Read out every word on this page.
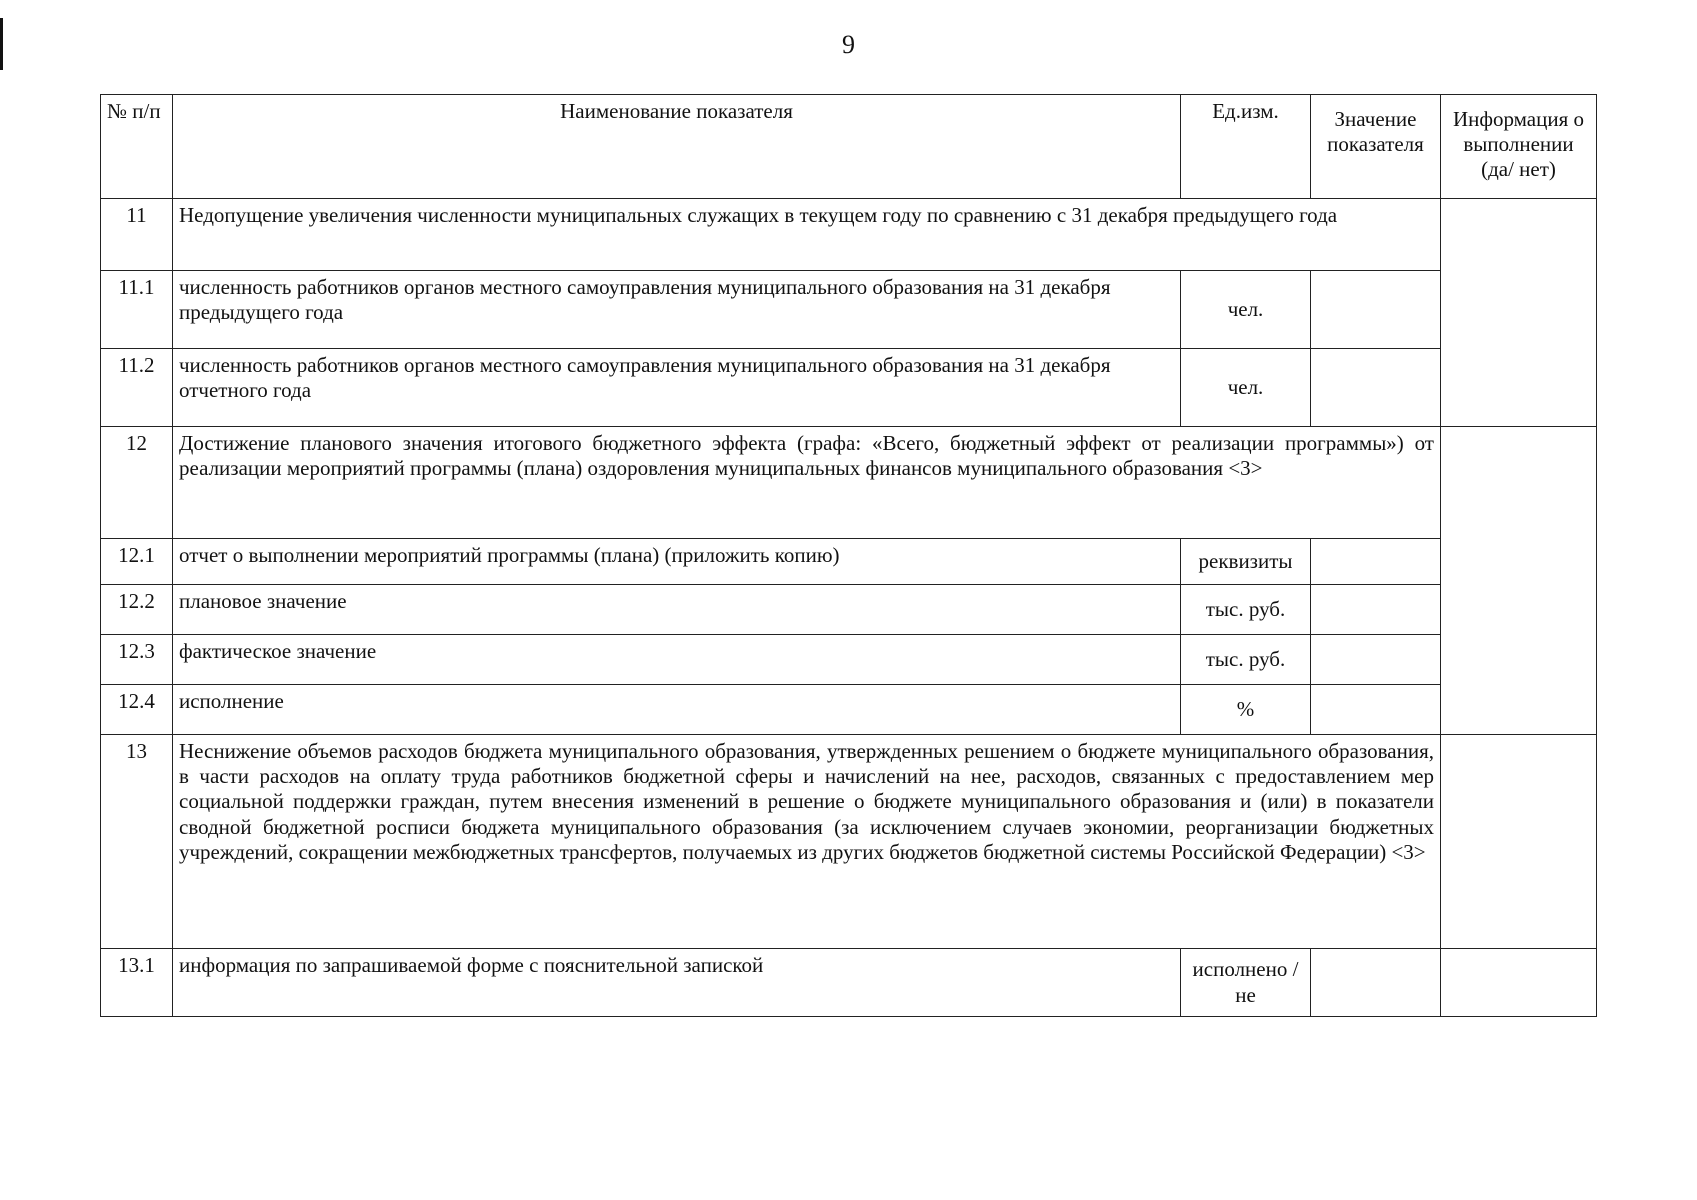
9
№ п/п	Наименование показателя	Ед.изм.	Значение показателя	Информация о выполнении (да/ нет)
11	Недопущение увеличения численности муниципальных служащих в текущем году по сравнению с 31 декабря предыдущего года			
11.1	численность работников органов местного самоуправления муниципального образования на 31 декабря предыдущего года	чел.		
11.2	численность работников органов местного самоуправления муниципального образования на 31 декабря отчетного года	чел.		
12	Достижение планового значения итогового бюджетного эффекта (графа: «Всего, бюджетный эффект от реализации программы») от реализации мероприятий программы (плана) оздоровления муниципальных финансов муниципального образования <3>			
12.1	отчет о выполнении мероприятий программы (плана) (приложить копию)	реквизиты		
12.2	плановое значение	тыс. руб.		
12.3	фактическое значение	тыс. руб.		
12.4	исполнение	%		
13	Неснижение объемов расходов бюджета муниципального образования, утвержденных решением о бюджете муниципального образования, в части расходов на оплату труда работников бюджетной сферы и начислений на нее, расходов, связанных с предоставлением мер социальной поддержки граждан, путем внесения изменений в решение о бюджете муниципального образования и (или) в показатели сводной бюджетной росписи бюджета муниципального образования (за исключением случаев экономии, реорганизации бюджетных учреждений, сокращении межбюджетных трансфертов, получаемых из других бюджетов бюджетной системы Российской Федерации) <3>			
13.1	информация по запрашиваемой форме с пояснительной запиской	исполнено / не		
